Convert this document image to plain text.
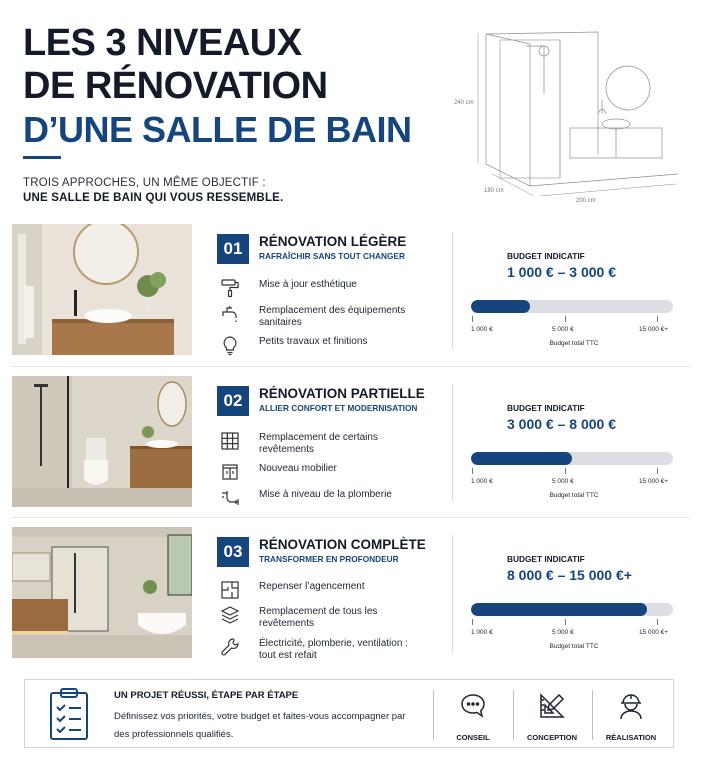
LES 3 NIVEAUX
DE RÉNOVATION
D’UNE SALLE DE BAIN
TROIS APPROCHES, UN MÊME OBJECTIF :
UNE SALLE DE BAIN QUI VOUS RESSEMBLE.
240 cm
180 cm
200 cm
01	RÉNOVATION LÉGÈRE
RAFRAÎCHIR SANS TOUT CHANGER
Mise à jour esthétique
Remplacement des équipements sanitaires
Petits travaux et finitions
BUDGET INDICATIF
1 000 € – 3 000 €
1 000 €	5 000 €	15 000 €+
Budget total TTC
02	RÉNOVATION PARTIELLE
ALLIER CONFORT ET MODERNISATION
Remplacement de certains revêtements
Nouveau mobilier
Mise à niveau de la plomberie
BUDGET INDICATIF
3 000 € – 8 000 €
1 000 €	5 000 €	15 000 €+
Budget total TTC
03	RÉNOVATION COMPLÈTE
TRANSFORMER EN PROFONDEUR
Repenser l’agencement
Remplacement de tous les revêtements
Électricité, plomberie, ventilation : tout est refait
BUDGET INDICATIF
8 000 € – 15 000 €+
1 000 €	5 000 €	15 000 €+
Budget total TTC
UN PROJET RÉUSSI, ÉTAPE PAR ÉTAPE
Définissez vos priorités, votre budget et faites-vous accompagner par des professionnels qualifiés.	CONSEIL	CONCEPTION	RÉALISATION
